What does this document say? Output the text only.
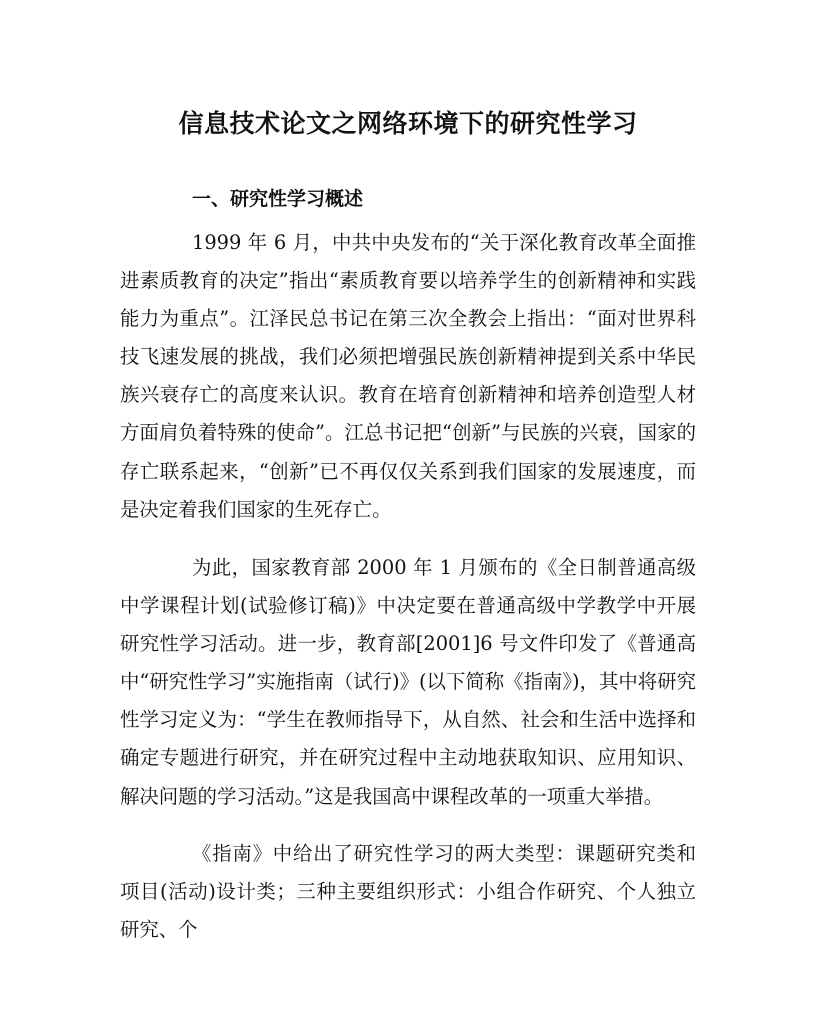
信息技术论文之网络环境下的研究性学习
一、研究性学习概述

1999 年 6 月，中共中央发布的“关于深化教育改革全面推进素质教育的决定”指出“素质教育要以培养学生的创新精神和实践能力为重点”。江泽民总书记在第三次全教会上指出：“面对世界科技飞速发展的挑战，我们必须把增强民族创新精神提到关系中华民族兴衰存亡的高度来认识。教育在培育创新精神和培养创造型人材方面肩负着特殊的使命”。江总书记把“创新”与民族的兴衰，国家的存亡联系起来，“创新”已不再仅仅关系到我们国家的发展速度，而是决定着我们国家的生死存亡。

为此，国家教育部 2000 年 1 月颁布的《全日制普通高级中学课程计划(试验修订稿)》中决定要在普通高级中学教学中开展研究性学习活动。进一步，教育部[2001]6 号文件印发了《普通高中“研究性学习”实施指南（试行)》(以下简称《指南》)，其中将研究性学习定义为：“学生在教师指导下，从自然、社会和生活中选择和确定专题进行研究，并在研究过程中主动地获取知识、应用知识、解决问题的学习活动。”这是我国高中课程改革的一项重大举措。

《指南》中给出了研究性学习的两大类型：课题研究类和项目(活动)设计类；三种主要组织形式：小组合作研究、个人独立研究、个
